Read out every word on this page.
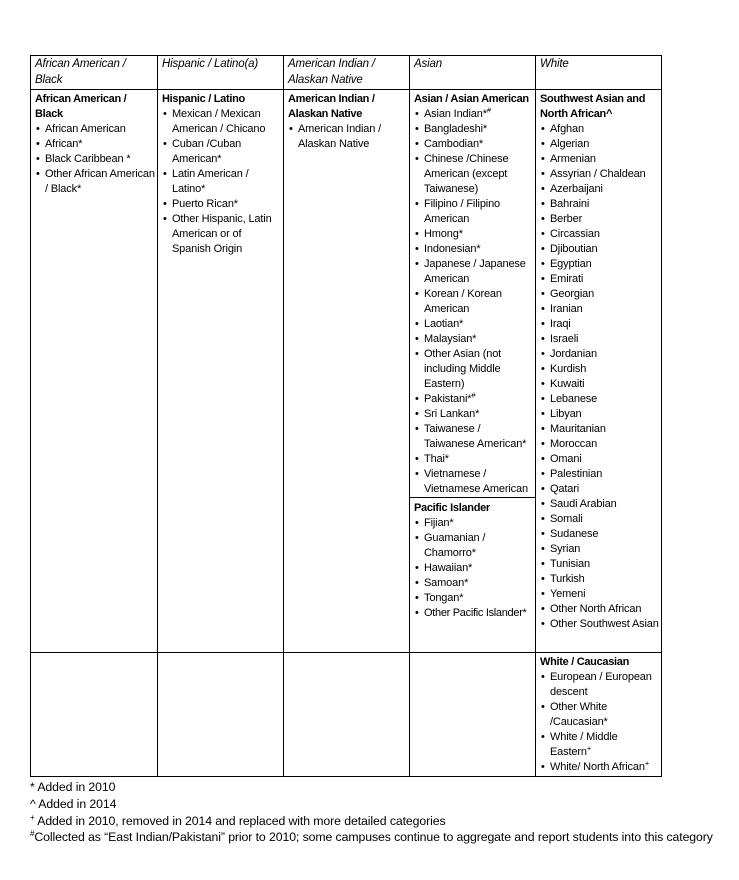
African American / Black
Hispanic / Latino(a)	American Indian / Alaskan Native
Asian	White
African American / Black
• African American
• African*
• Black Caribbean *
• Other African American / Black*
Hispanic / Latino
• Mexican / Mexican American / Chicano
• Cuban /Cuban American*
• Latin American / Latino*
• Puerto Rican*
• Other Hispanic, Latin American or of Spanish Origin
American Indian / Alaskan Native
• American Indian / Alaskan Native
Asian / Asian American
• Asian Indian*#
• Bangladeshi*
• Cambodian*
• Chinese /Chinese American (except Taiwanese)
• Filipino / Filipino American
• Hmong*
• Indonesian*
• Japanese / Japanese American
• Korean / Korean American
• Laotian*
• Malaysian*
• Other Asian (not including Middle Eastern)
• Pakistani*#
• Sri Lankan*
• Taiwanese / Taiwanese American*
• Thai*
• Vietnamese / Vietnamese American
Pacific Islander
• Fijian*
• Guamanian / Chamorro*
• Hawaiian*
• Samoan*
• Tongan*
• Other Pacific Islander*
Southwest Asian and North African^
• Afghan
• Algerian
• Armenian
• Assyrian / Chaldean
• Azerbaijani
• Bahraini
• Berber
• Circassian
• Djiboutian
• Egyptian
• Emirati
• Georgian
• Iranian
• Iraqi
• Israeli
• Jordanian
• Kurdish
• Kuwaiti
• Lebanese
• Libyan
• Mauritanian
• Moroccan
• Omani
• Palestinian
• Qatari
• Saudi Arabian
• Somali
• Sudanese
• Syrian
• Tunisian
• Turkish
• Yemeni
• Other North African
• Other Southwest Asian
White / Caucasian
• European / European descent
• Other White /Caucasian*
• White / Middle Eastern+
• White/ North African+
* Added in 2010
^ Added in 2014
+ Added in 2010, removed in 2014 and replaced with more detailed categories
#Collected as “East Indian/Pakistani” prior to 2010; some campuses continue to aggregate and report students into this category
